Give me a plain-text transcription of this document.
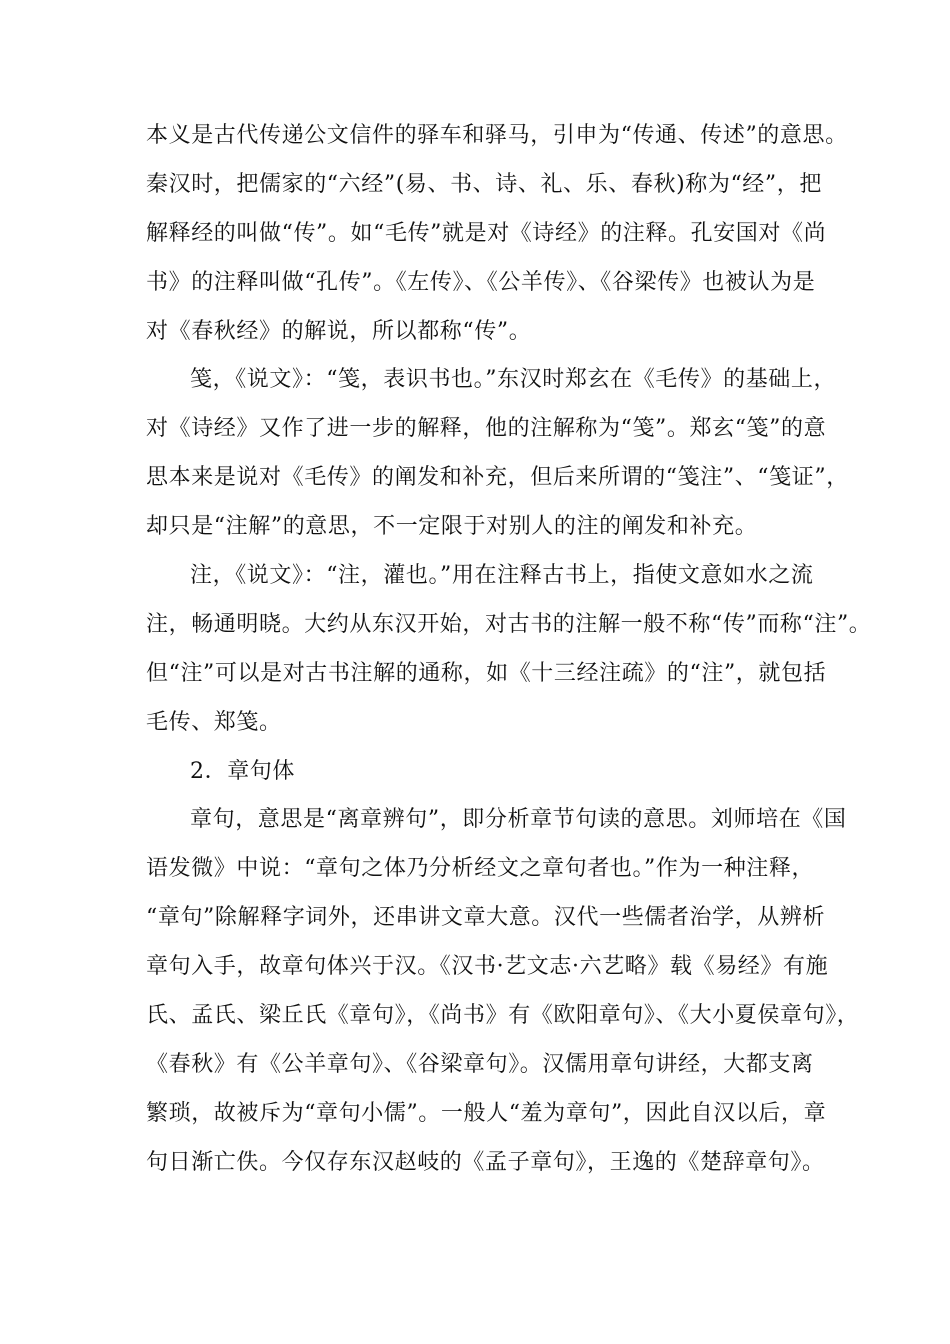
本义是古代传递公文信件的驿车和驿马，引申为“传通、传述”的意思。
秦汉时，把儒家的“六经”(易、书、诗、礼、乐、春秋)称为“经”，把
解释经的叫做“传”。如“毛传”就是对《诗经》的注释。孔安国对《尚
书》的注释叫做“孔传”。《左传》、《公羊传》、《谷梁传》也被认为是
对《春秋经》的解说，所以都称“传”。
笺，《说文》：“笺，表识书也。”东汉时郑玄在《毛传》的基础上，
对《诗经》又作了进一步的解释，他的注解称为“笺”。郑玄“笺”的意
思本来是说对《毛传》的阐发和补充，但后来所谓的“笺注”、“笺证”，
却只是“注解”的意思，不一定限于对别人的注的阐发和补充。
注，《说文》：“注，灌也。”用在注释古书上，指使文意如水之流
注，畅通明晓。大约从东汉开始，对古书的注解一般不称“传”而称“注”。
但“注”可以是对古书注解的通称，如《十三经注疏》的“注”，就包括
毛传、郑笺。
2．章句体
章句，意思是“离章辨句”，即分析章节句读的意思。刘师培在《国
语发微》中说：“章句之体乃分析经文之章句者也。”作为一种注释，
“章句”除解释字词外，还串讲文章大意。汉代一些儒者治学，从辨析
章句入手，故章句体兴于汉。《汉书·艺文志·六艺略》载《易经》有施
氏、孟氏、梁丘氏《章句》，《尚书》有《欧阳章句》、《大小夏侯章句》，
《春秋》有《公羊章句》、《谷梁章句》。汉儒用章句讲经，大都支离
繁琐，故被斥为“章句小儒”。一般人“羞为章句”，因此自汉以后，章
句日渐亡佚。今仅存东汉赵岐的《孟子章句》，王逸的《楚辞章句》。
